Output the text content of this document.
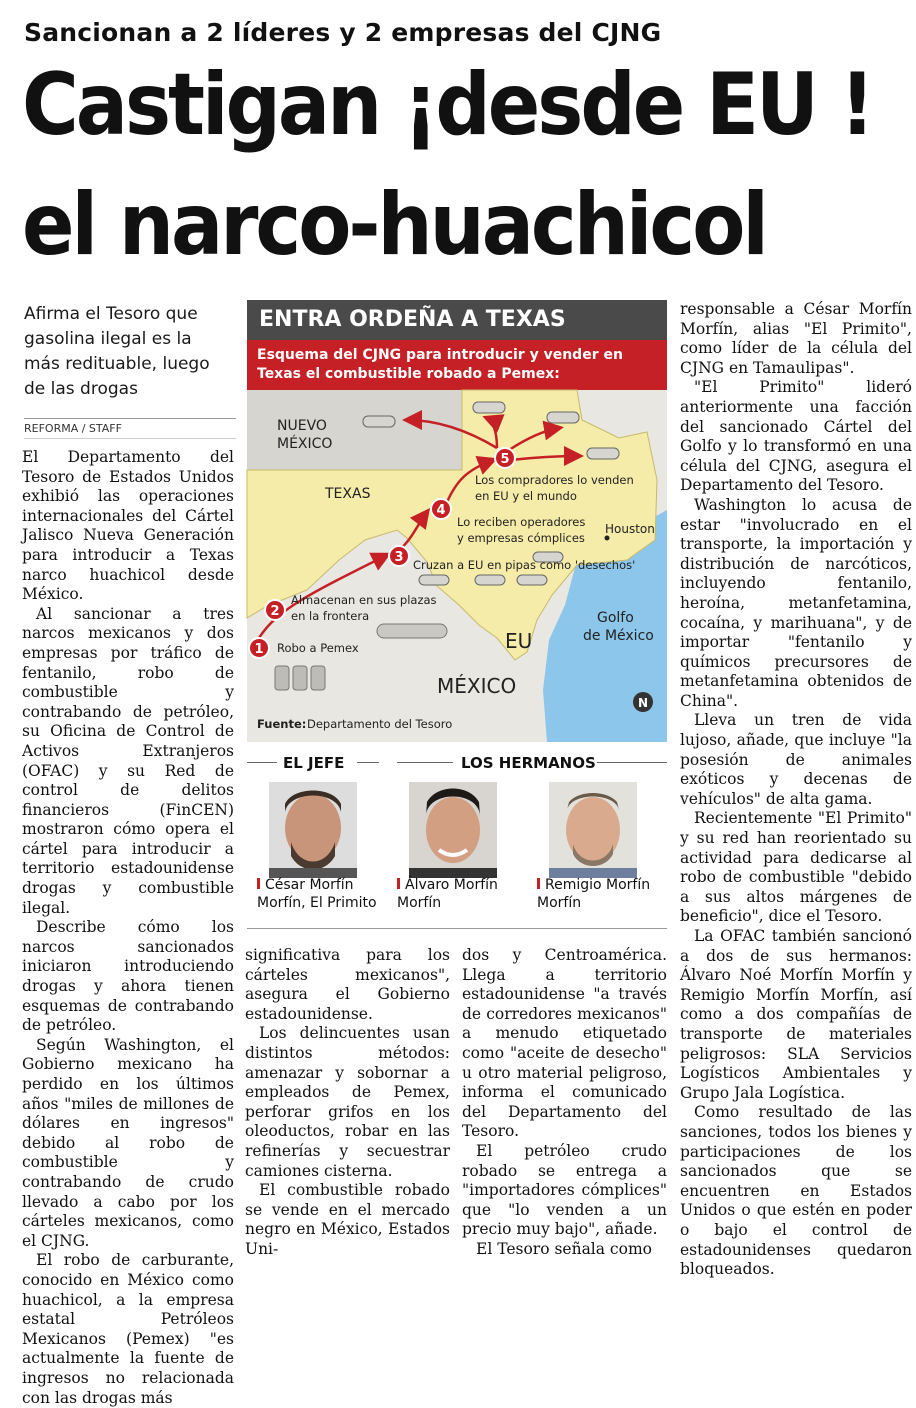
Sancionan a 2 líderes y 2 empresas del CJNG
Castigan ¡desde EU !
el narco-huachicol
Afirma el Tesoro que gasolina ilegal es la más redituable, luego de las drogas
REFORMA / STAFF

El Departamento del Tesoro de Estados Unidos exhibió las operaciones internacionales del Cártel Jalisco Nueva Generación para introducir a Texas narco huachicol desde México.

Al sancionar a tres narcos mexicanos y dos empresas por tráfico de fentanilo, robo de combustible y contrabando de petróleo, su Oficina de Control de Activos Extranjeros (OFAC) y su Red de control de delitos financieros (FinCEN) mostraron cómo opera el cártel para introducir a territorio estadounidense drogas y combustible ilegal.

Describe cómo los narcos sancionados iniciaron introduciendo drogas y ahora tienen esquemas de contrabando de petróleo.

Según Washington, el Gobierno mexicano ha perdido en los últimos años "miles de millones de dólares en ingresos" debido al robo de combustible y contrabando de crudo llevado a cabo por los cárteles mexicanos, como el CJNG.

El robo de carburante, conocido en México como huachicol, a la empresa estatal Petróleos Mexicanos (Pemex) "es actualmente la fuente de ingresos no relacionada con las drogas más

significativa para los cárteles mexicanos", asegura el Gobierno estadounidense.

Los delincuentes usan distintos métodos: amenazar y sobornar a empleados de Pemex, perforar grifos en los oleoductos, robar en las refinerías y secuestrar camiones cisterna.

El combustible robado se vende en el mercado negro en México, Estados Uni-

dos y Centroamérica. Llega a territorio estadounidense "a través de corredores mexicanos" a menudo etiquetado como "aceite de desecho" u otro material peligroso, informa el comunicado del Departamento del Tesoro.

El petróleo crudo robado se entrega a "importadores cómplices" que "lo venden a un precio muy bajo", añade.

El Tesoro señala como

responsable a César Morfín Morfín, alias "El Primito", como líder de la célula del CJNG en Tamaulipas".

"El Primito" lideró anteriormente una facción del sancionado Cártel del Golfo y lo transformó en una célula del CJNG, asegura el Departamento del Tesoro.

Washington lo acusa de estar "involucrado en el transporte, la importación y distribución de narcóticos, incluyendo fentanilo, heroína, metanfetamina, cocaína, y marihuana", y de importar "fentanilo y químicos precursores de metanfetamina obtenidos de China".

Lleva un tren de vida lujoso, añade, que incluye "la posesión de animales exóticos y decenas de vehículos" de alta gama.

Recientemente "El Primito" y su red han reorientado su actividad para dedicarse al robo de combustible "debido a sus altos márgenes de beneficio", dice el Tesoro.

La OFAC también sancionó a dos de sus hermanos: Álvaro Noé Morfín Morfín y Remigio Morfín Morfín, así como a dos compañías de transporte de materiales peligrosos: SLA Servicios Logísticos Ambientales y Grupo Jala Logística.

Como resultado de las sanciones, todos los bienes y participaciones de los sancionados que se encuentren en Estados Unidos o que estén en poder o bajo el control de estadounidenses quedaron bloqueados.

ENTRA ORDEÑA A TEXAS
Esquema del CJNG para introducir y vender en Texas el combustible robado a Pemex:
1
2
3
4
5
NUEVO
MÉXICO
TEXAS
Houston
Golfo
de México
EU
MÉXICO
Robo a Pemex
Almacenan en sus plazas
en la frontera
Cruzan a EU en pipas como 'desechos'
Lo reciben operadores
y empresas cómplices
Los compradores lo venden
en EU y el mundo
N
Fuente: Departamento del Tesoro
EL JEFE	LOS HERMANOS
César Morfín
Morfín, El Primito
Álvaro Morfín
Morfín
Remigio Morfín
Morfín
